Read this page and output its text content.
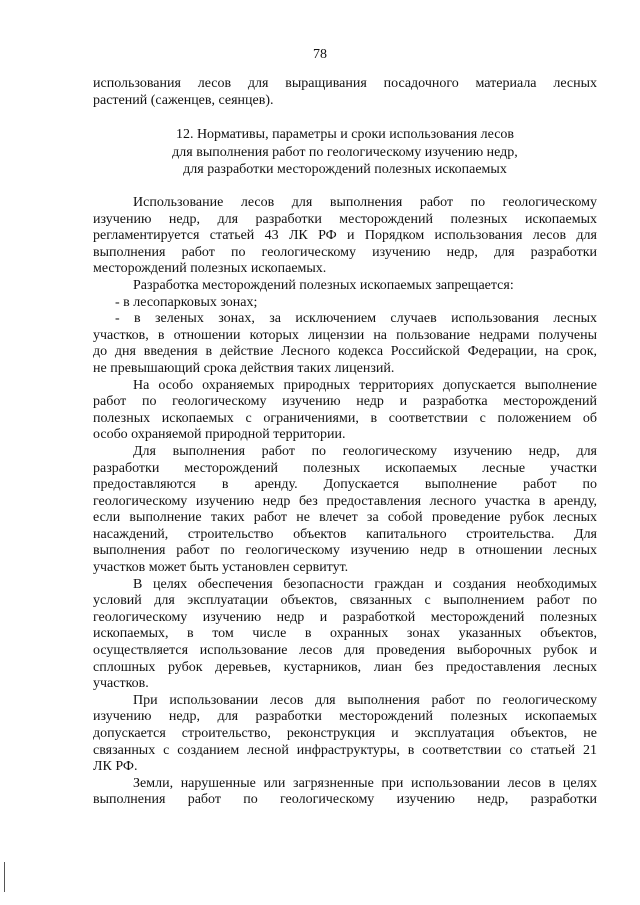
78
использования лесов для выращивания посадочного материала лесных
растений (саженцев, сеянцев).
12. Нормативы, параметры и сроки использования лесов
для выполнения работ по геологическому изучению недр,
для разработки месторождений полезных ископаемых
Использование лесов для выполнения работ по геологическому
изучению недр, для разработки месторождений полезных ископаемых
регламентируется статьей 43 ЛК РФ и Порядком использования лесов для
выполнения работ по геологическому изучению недр, для разработки
месторождений полезных ископаемых.
Разработка месторождений полезных ископаемых запрещается:
- в лесопарковых зонах;
- в зеленых зонах, за исключением случаев использования лесных
участков, в отношении которых лицензии на пользование недрами получены
до дня введения в действие Лесного кодекса Российской Федерации, на срок,
не превышающий срока действия таких лицензий.
На особо охраняемых природных территориях допускается выполнение
работ по геологическому изучению недр и разработка месторождений
полезных ископаемых с ограничениями, в соответствии с положением об
особо охраняемой природной территории.
Для выполнения работ по геологическому изучению недр, для
разработки месторождений полезных ископаемых лесные участки
предоставляются в аренду. Допускается выполнение работ по
геологическому изучению недр без предоставления лесного участка в аренду,
если выполнение таких работ не влечет за собой проведение рубок лесных
насаждений, строительство объектов капитального строительства. Для
выполнения работ по геологическому изучению недр в отношении лесных
участков может быть установлен сервитут.
В целях обеспечения безопасности граждан и создания необходимых
условий для эксплуатации объектов, связанных с выполнением работ по
геологическому изучению недр и разработкой месторождений полезных
ископаемых, в том числе в охранных зонах указанных объектов,
осуществляется использование лесов для проведения выборочных рубок и
сплошных рубок деревьев, кустарников, лиан без предоставления лесных
участков.
При использовании лесов для выполнения работ по геологическому
изучению недр, для разработки месторождений полезных ископаемых
допускается строительство, реконструкция и эксплуатация объектов, не
связанных с созданием лесной инфраструктуры, в соответствии со статьей 21
ЛК РФ.
Земли, нарушенные или загрязненные при использовании лесов в целях
выполнения работ по геологическому изучению недр, разработки
